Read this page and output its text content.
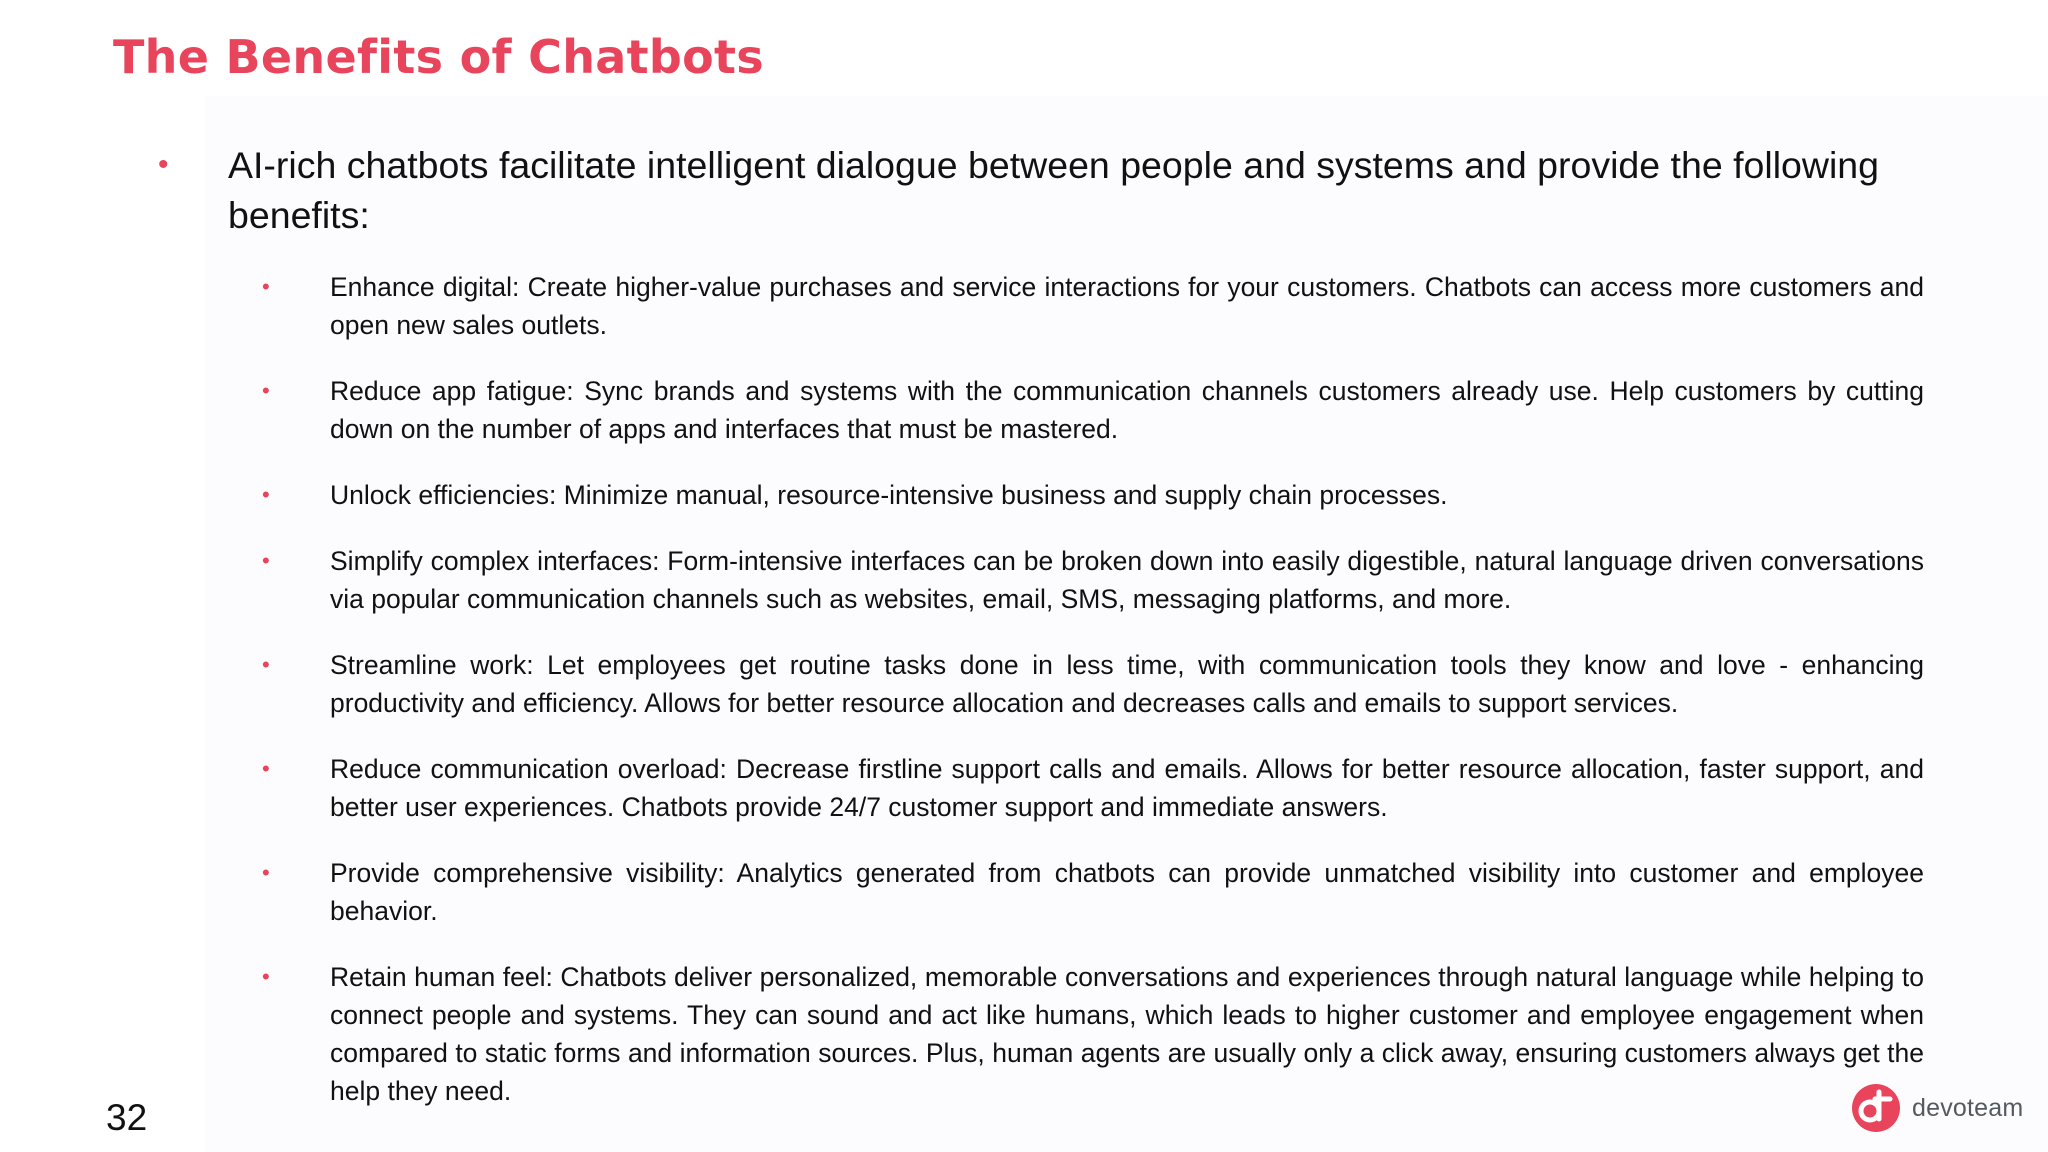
The Benefits of Chatbots
• AI-rich chatbots facilitate intelligent dialogue between people and systems and provide the following benefits:
•	Enhance digital: Create higher-value purchases and service interactions for your customers. Chatbots can access more customers and open new sales outlets.
•	Reduce app fatigue: Sync brands and systems with the communication channels customers already use. Help customers by cutting down on the number of apps and interfaces that must be mastered.
•	Unlock efficiencies: Minimize manual, resource-intensive business and supply chain processes.
•	Simplify complex interfaces: Form-intensive interfaces can be broken down into easily digestible, natural language driven conversations via popular communication channels such as websites, email, SMS, messaging platforms, and more.
•	Streamline work: Let employees get routine tasks done in less time, with communication tools they know and love - enhancing productivity and efficiency. Allows for better resource allocation and decreases calls and emails to support services.
•	Reduce communication overload: Decrease firstline support calls and emails. Allows for better resource allocation, faster support, and better user experiences. Chatbots provide 24/7 customer support and immediate answers.
•	Provide comprehensive visibility: Analytics generated from chatbots can provide unmatched visibility into customer and employee behavior.
•	Retain human feel: Chatbots deliver personalized, memorable conversations and experiences through natural language while helping to connect people and systems. They can sound and act like humans, which leads to higher customer and employee engagement when compared to static forms and information sources. Plus, human agents are usually only a click away, ensuring customers always get the help they need.
32	devoteam
